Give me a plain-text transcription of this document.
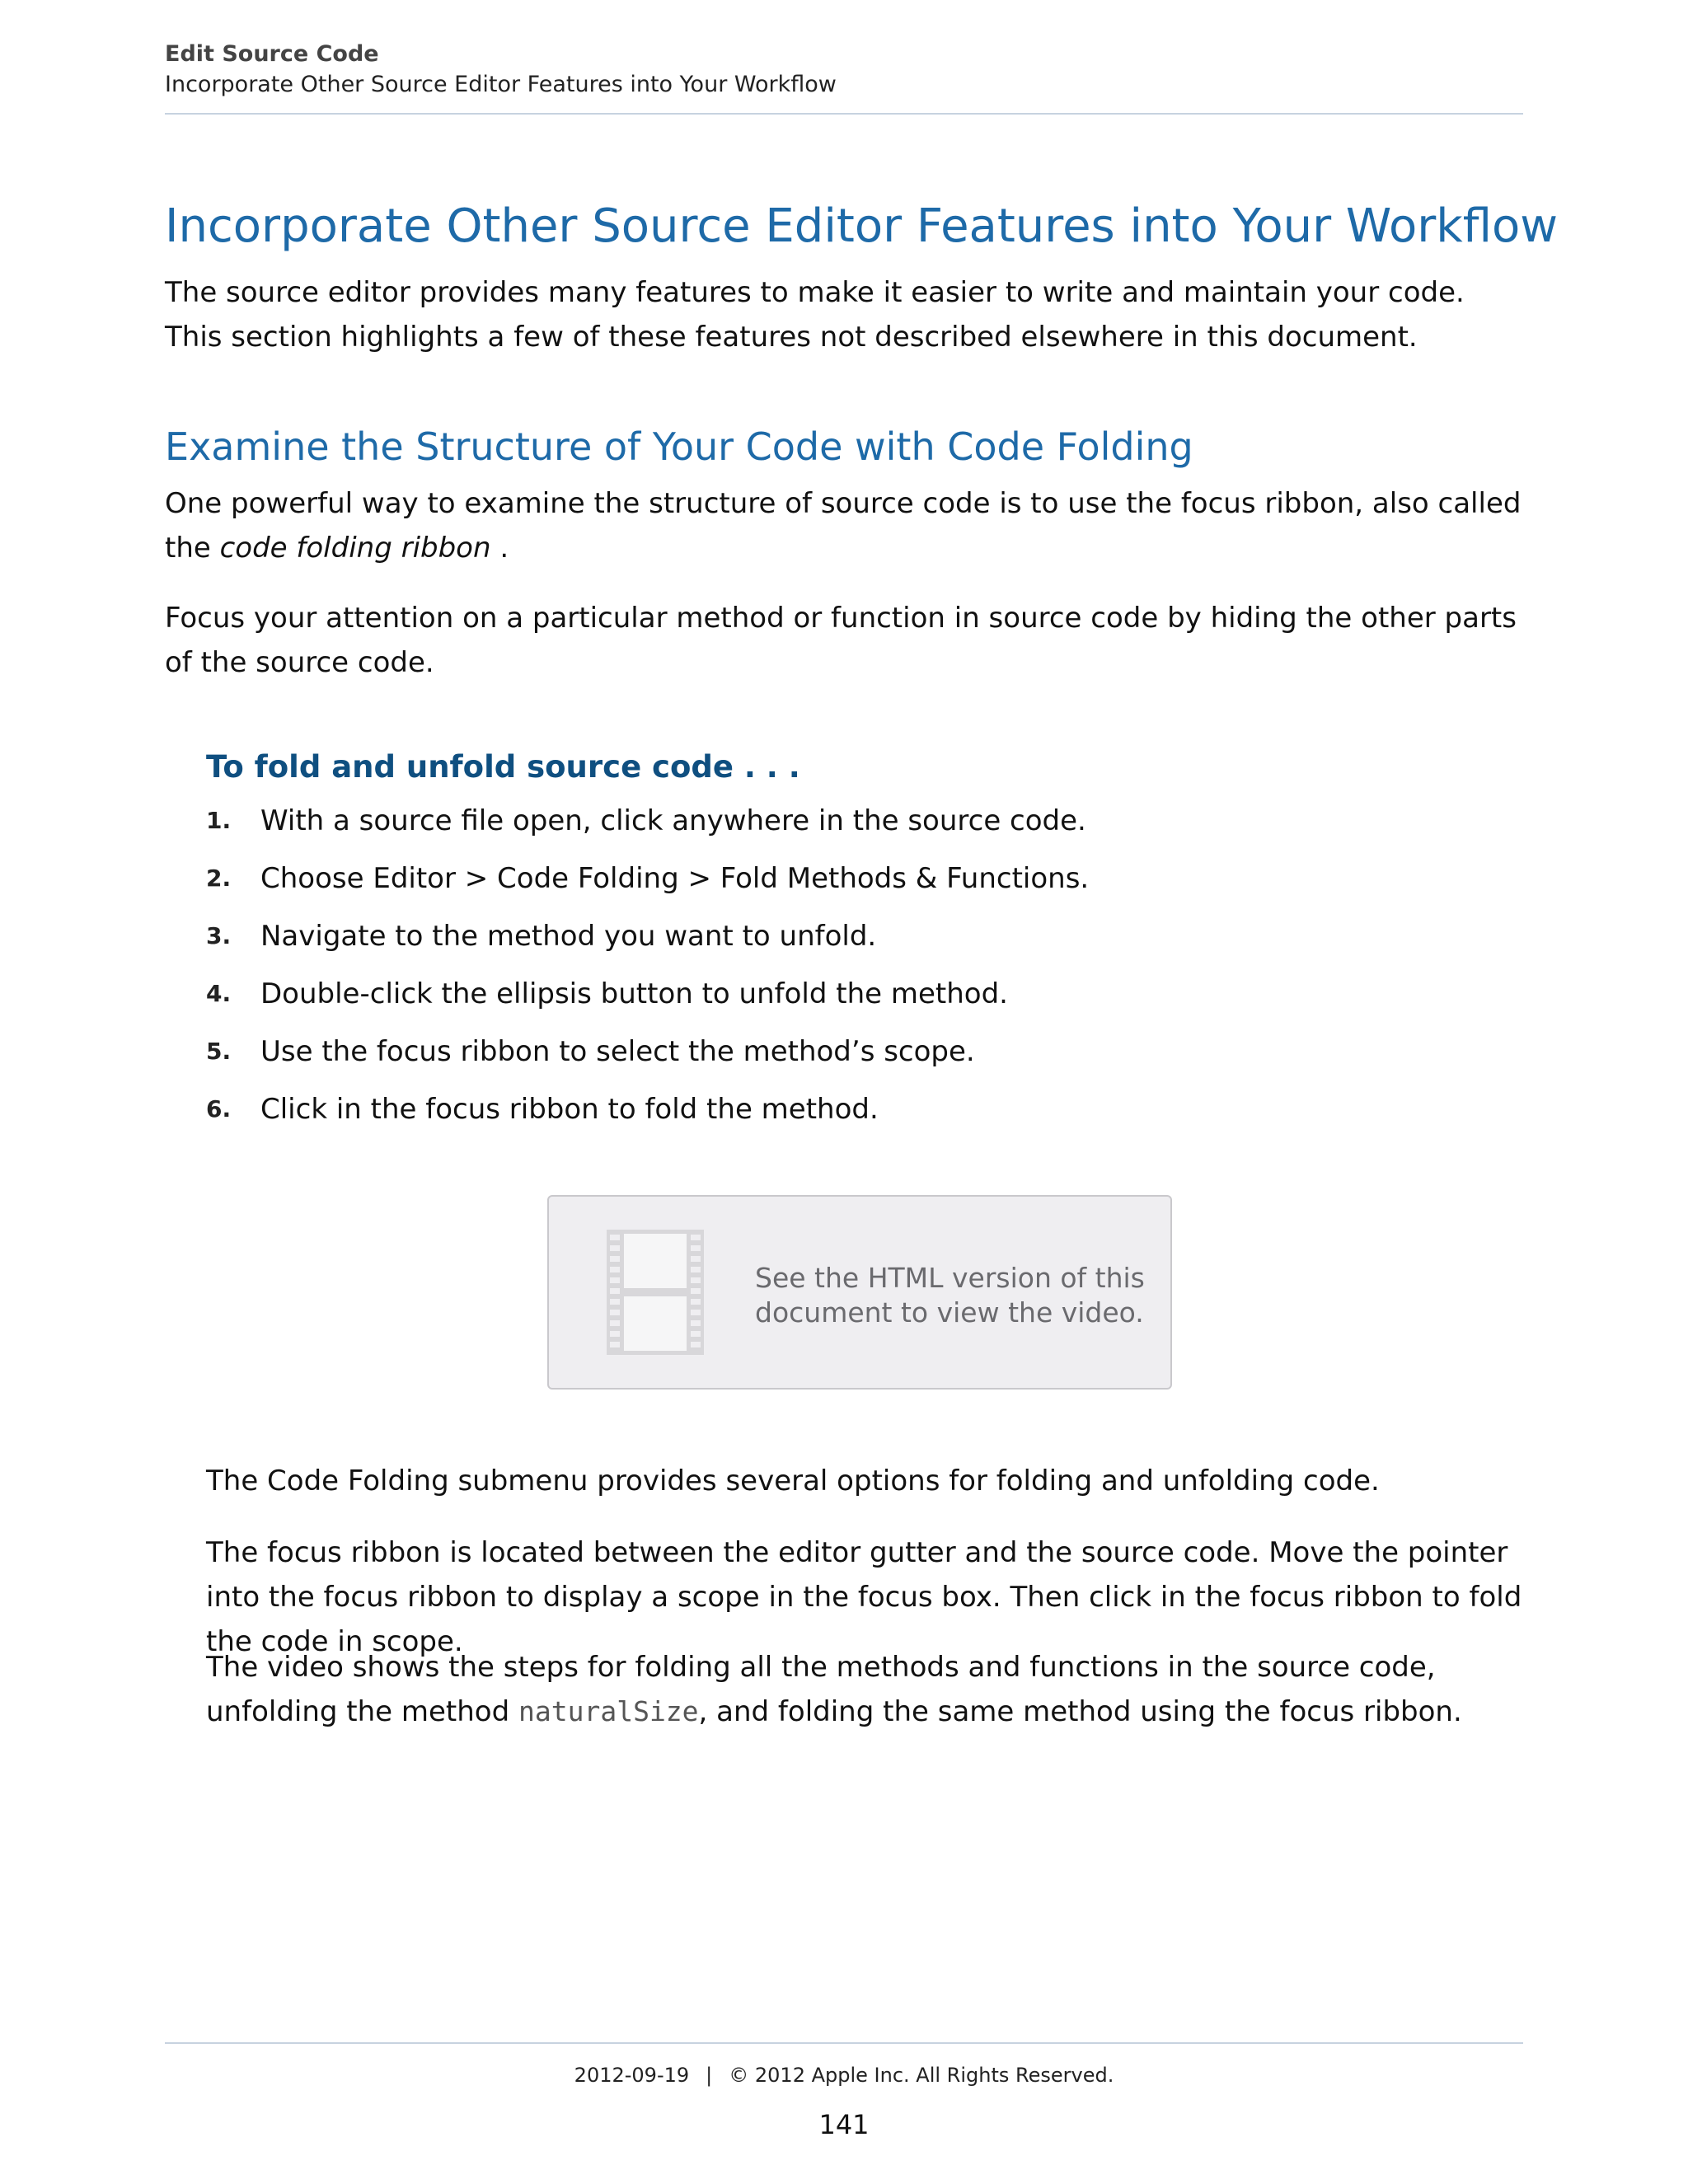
Edit Source Code
Incorporate Other Source Editor Features into Your Workflow
Incorporate Other Source Editor Features into Your Workflow
The source editor provides many features to make it easier to write and maintain your code. This section highlights a few of these features not described elsewhere in this document.
Examine the Structure of Your Code with Code Folding
One powerful way to examine the structure of source code is to use the focus ribbon, also called the code folding ribbon .
Focus your attention on a particular method or function in source code by hiding the other parts of the source code.
To fold and unfold source code . . .
1. With a source file open, click anywhere in the source code.
2. Choose Editor > Code Folding > Fold Methods & Functions.
3. Navigate to the method you want to unfold.
4. Double-click the ellipsis button to unfold the method.
5. Use the focus ribbon to select the method’s scope.
6. Click in the focus ribbon to fold the method.
See the HTML version of this
document to view the video.
The Code Folding submenu provides several options for folding and unfolding code.
The focus ribbon is located between the editor gutter and the source code. Move the pointer into the focus ribbon to display a scope in the focus box. Then click in the focus ribbon to fold the code in scope.
The video shows the steps for folding all the methods and functions in the source code, unfolding the method naturalSize, and folding the same method using the focus ribbon.
2012-09-19 | © 2012 Apple Inc. All Rights Reserved.
141
